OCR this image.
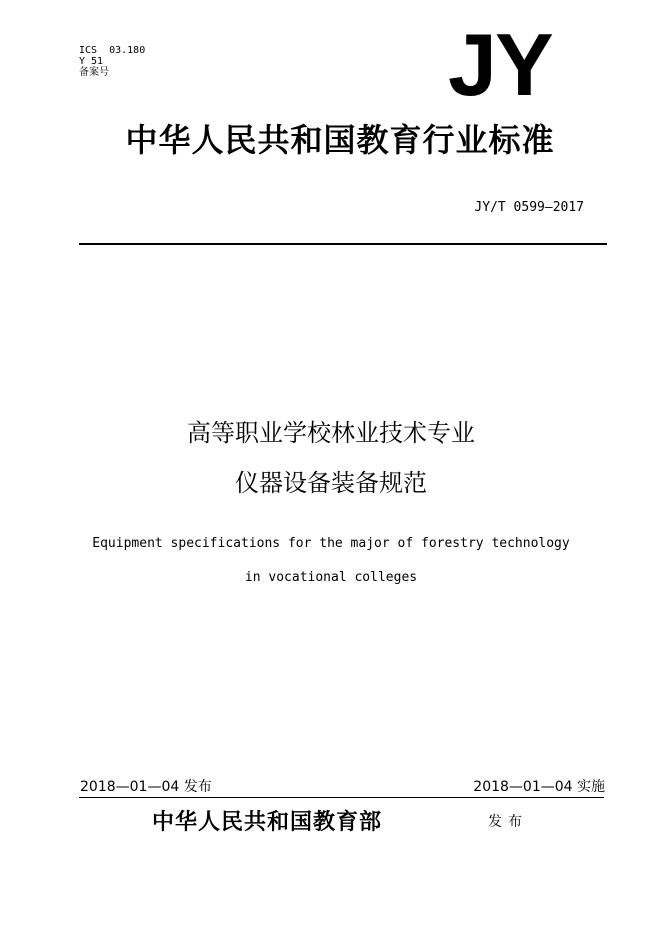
ICS  03.180
Y 51
备案号	JY
中华人民共和国教育行业标准
JY/T 0599—2017
高等职业学校林业技术专业
仪器设备装备规范
Equipment specifications for the major of forestry technology
in vocational colleges
2018—01—04 发布	2018—01—04 实施
中华人民共和国教育部	发布
